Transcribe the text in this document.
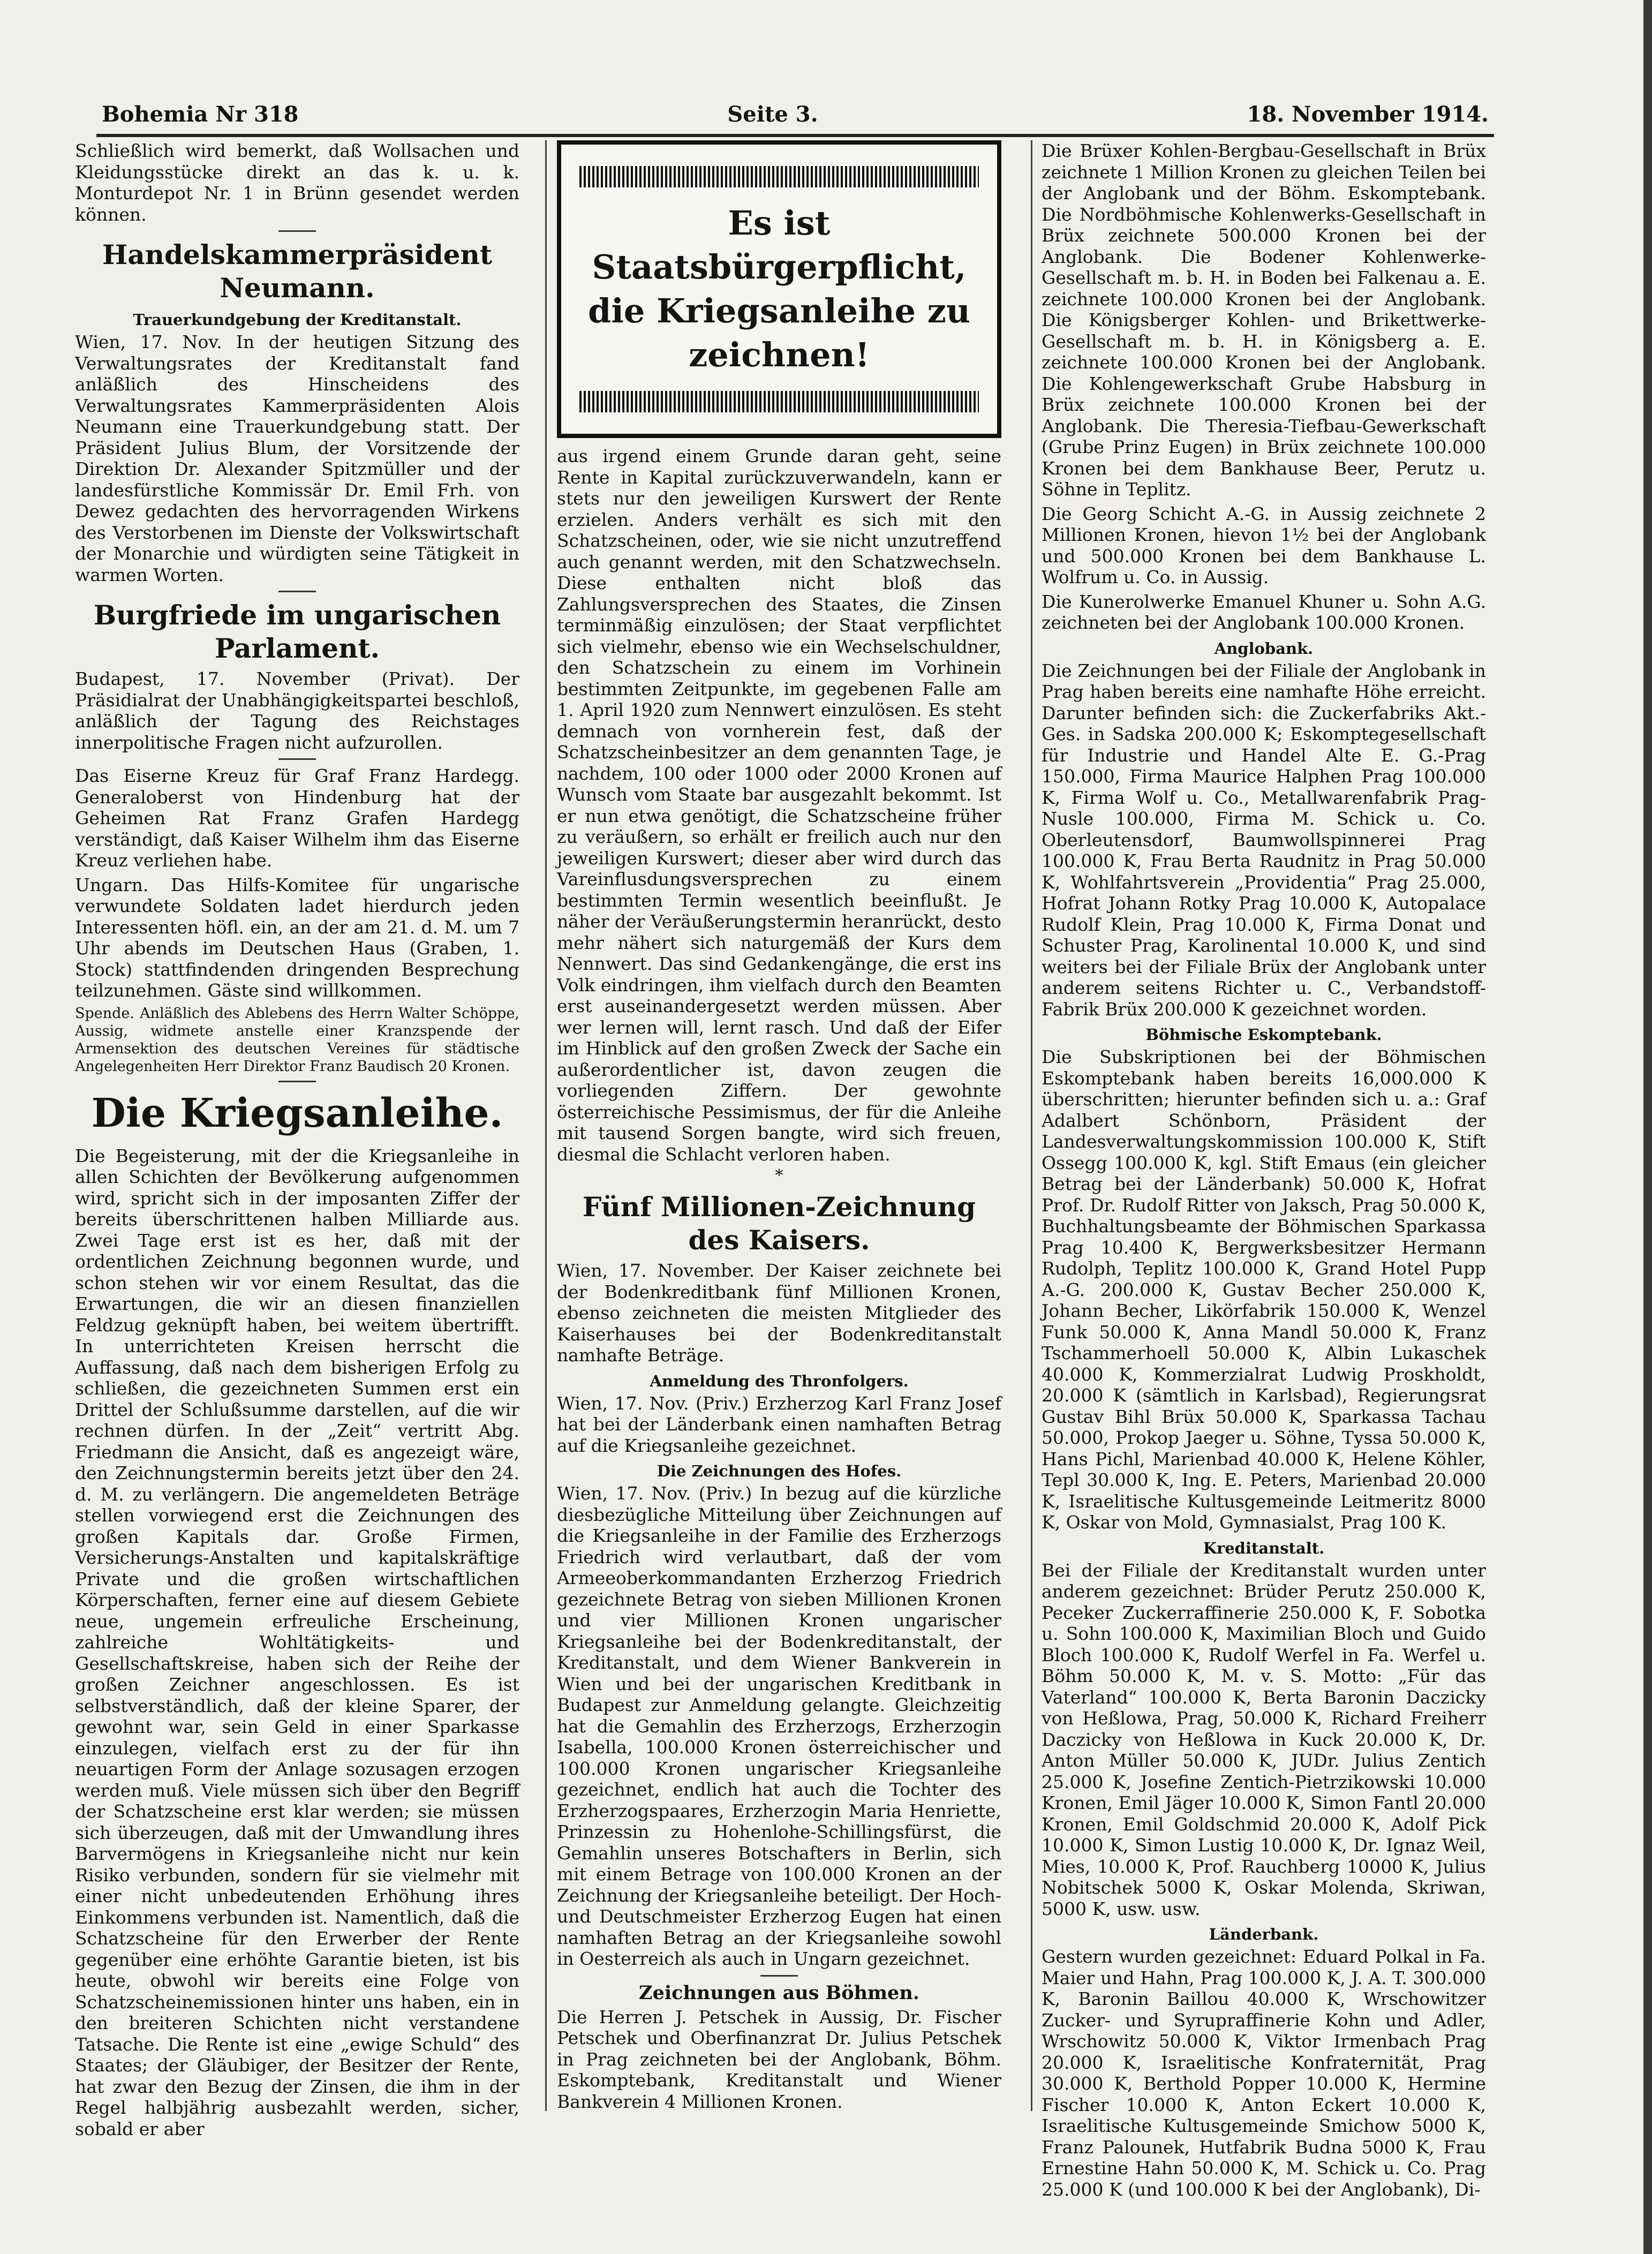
Bohemia Nr 318	Seite 3.	18. November 1914.

Schließlich wird bemerkt, daß Wollsachen und Kleidungsstücke direkt an das k. u. k. Monturdepot Nr. 1 in Brünn gesendet werden können.

Handelskammerpräsident Neumann.
Trauerkundgebung der Kreditanstalt.

Wien, 17. Nov. In der heutigen Sitzung des Verwaltungsrates der Kreditanstalt fand anläßlich des Hinscheidens des Verwaltungsrates Kammerpräsidenten Alois Neumann eine Trauerkundgebung statt. Der Präsident Julius Blum, der Vorsitzende der Direktion Dr. Alexander Spitzmüller und der landesfürstliche Kommissär Dr. Emil Frh. von Dewez gedachten des hervorragenden Wirkens des Verstorbenen im Dienste der Volkswirtschaft der Monarchie und würdigten seine Tätigkeit in warmen Worten.

Burgfriede im ungarischen Parlament.

Budapest, 17. November (Privat). Der Präsidialrat der Unabhängigkeitspartei beschloß, anläßlich der Tagung des Reichstages innerpolitische Fragen nicht aufzurollen.

Das Eiserne Kreuz für Graf Franz Hardegg. Generaloberst von Hindenburg hat der Geheimen Rat Franz Grafen Hardegg verständigt, daß Kaiser Wilhelm ihm das Eiserne Kreuz verliehen habe.

Ungarn. Das Hilfs-Komitee für ungarische verwundete Soldaten ladet hierdurch jeden Interessenten höfl. ein, an der am 21. d. M. um 7 Uhr abends im Deutschen Haus (Graben, 1. Stock) stattfindenden dringenden Besprechung teilzunehmen. Gäste sind willkommen.

Spende. Anläßlich des Ablebens des Herrn Walter Schöppe, Aussig, widmete anstelle einer Kranzspende der Armensektion des deutschen Vereines für städtische Angelegenheiten Herr Direktor Franz Baudisch 20 Kronen.

Die Kriegsanleihe.

Die Begeisterung, mit der die Kriegsanleihe in allen Schichten der Bevölkerung aufgenommen wird, spricht sich in der imposanten Ziffer der bereits überschrittenen halben Milliarde aus. Zwei Tage erst ist es her, daß mit der ordentlichen Zeichnung begonnen wurde, und schon stehen wir vor einem Resultat, das die Erwartungen, die wir an diesen finanziellen Feldzug geknüpft haben, bei weitem übertrifft. In unterrichteten Kreisen herrscht die Auffassung, daß nach dem bisherigen Erfolg zu schließen, die gezeichneten Summen erst ein Drittel der Schlußsumme darstellen, auf die wir rechnen dürfen. In der „Zeit“ vertritt Abg. Friedmann die Ansicht, daß es angezeigt wäre, den Zeichnungstermin bereits jetzt über den 24. d. M. zu verlängern. Die angemeldeten Beträge stellen vorwiegend erst die Zeichnungen des großen Kapitals dar. Große Firmen, Versicherungs-Anstalten und kapitalskräftige Private und die großen wirtschaftlichen Körperschaften, ferner eine auf diesem Gebiete neue, ungemein erfreuliche Erscheinung, zahlreiche Wohltätigkeits- und Gesellschaftskreise, haben sich der Reihe der großen Zeichner angeschlossen. Es ist selbstverständlich, daß der kleine Sparer, der gewohnt war, sein Geld in einer Sparkasse einzulegen, vielfach erst zu der für ihn neuartigen Form der Anlage sozusagen erzogen werden muß. Viele müssen sich über den Begriff der Schatzscheine erst klar werden; sie müssen sich überzeugen, daß mit der Umwandlung ihres Barvermögens in Kriegsanleihe nicht nur kein Risiko verbunden, sondern für sie vielmehr mit einer nicht unbedeutenden Erhöhung ihres Einkommens verbunden ist. Namentlich, daß die Schatzscheine für den Erwerber der Rente gegenüber eine erhöhte Garantie bieten, ist bis heute, obwohl wir bereits eine Folge von Schatzscheinemissionen hinter uns haben, ein in den breiteren Schichten nicht verstandene Tatsache. Die Rente ist eine „ewige Schuld“ des Staates; der Gläubiger, der Besitzer der Rente, hat zwar den Bezug der Zinsen, die ihm in der Regel halbjährig ausbezahlt werden, sicher, sobald er aber

Es ist Staatsbürgerpflicht, die Kriegsanleihe zu zeichnen!

aus irgend einem Grunde daran geht, seine Rente in Kapital zurückzuverwandeln, kann er stets nur den jeweiligen Kurswert der Rente erzielen. Anders verhält es sich mit den Schatzscheinen, oder, wie sie nicht unzutreffend auch genannt werden, mit den Schatzwechseln. Diese enthalten nicht bloß das Zahlungsversprechen des Staates, die Zinsen terminmäßig einzulösen; der Staat verpflichtet sich vielmehr, ebenso wie ein Wechselschuldner, den Schatzschein zu einem im Vorhinein bestimmten Zeitpunkte, im gegebenen Falle am 1. April 1920 zum Nennwert einzulösen. Es steht demnach von vornherein fest, daß der Schatzscheinbesitzer an dem genannten Tage, je nachdem, 100 oder 1000 oder 2000 Kronen auf Wunsch vom Staate bar ausgezahlt bekommt. Ist er nun etwa genötigt, die Schatzscheine früher zu veräußern, so erhält er freilich auch nur den jeweiligen Kurswert; dieser aber wird durch das Vareinflusdungsversprechen zu einem bestimmten Termin wesentlich beeinflußt. Je näher der Veräußerungstermin heranrückt, desto mehr nähert sich naturgemäß der Kurs dem Nennwert. Das sind Gedankengänge, die erst ins Volk eindringen, ihm vielfach durch den Beamten erst auseinandergesetzt werden müssen. Aber wer lernen will, lernt rasch. Und daß der Eifer im Hinblick auf den großen Zweck der Sache ein außerordentlicher ist, davon zeugen die vorliegenden Ziffern. Der gewohnte österreichische Pessimismus, der für die Anleihe mit tausend Sorgen bangte, wird sich freuen, diesmal die Schlacht verloren haben.

*
Fünf Millionen-Zeichnung des Kaisers.

Wien, 17. November. Der Kaiser zeichnete bei der Bodenkreditbank fünf Millionen Kronen, ebenso zeichneten die meisten Mitglieder des Kaiserhauses bei der Bodenkreditanstalt namhafte Beträge.

Anmeldung des Thronfolgers.

Wien, 17. Nov. (Priv.) Erzherzog Karl Franz Josef hat bei der Länderbank einen namhaften Betrag auf die Kriegsanleihe gezeichnet.

Die Zeichnungen des Hofes.

Wien, 17. Nov. (Priv.) In bezug auf die kürzliche diesbezügliche Mitteilung über Zeichnungen auf die Kriegsanleihe in der Familie des Erzherzogs Friedrich wird verlautbart, daß der vom Armeeoberkommandanten Erzherzog Friedrich gezeichnete Betrag von sieben Millionen Kronen und vier Millionen Kronen ungarischer Kriegsanleihe bei der Bodenkreditanstalt, der Kreditanstalt, und dem Wiener Bankverein in Wien und bei der ungarischen Kreditbank in Budapest zur Anmeldung gelangte. Gleichzeitig hat die Gemahlin des Erzherzogs, Erzherzogin Isabella, 100.000 Kronen österreichischer und 100.000 Kronen ungarischer Kriegsanleihe gezeichnet, endlich hat auch die Tochter des Erzherzogspaares, Erzherzogin Maria Henriette, Prinzessin zu Hohenlohe-Schillingsfürst, die Gemahlin unseres Botschafters in Berlin, sich mit einem Betrage von 100.000 Kronen an der Zeichnung der Kriegsanleihe beteiligt. Der Hoch- und Deutschmeister Erzherzog Eugen hat einen namhaften Betrag an der Kriegsanleihe sowohl in Oesterreich als auch in Ungarn gezeichnet.

Zeichnungen aus Böhmen.

Die Herren J. Petschek in Aussig, Dr. Fischer Petschek und Oberfinanzrat Dr. Julius Petschek in Prag zeichneten bei der Anglobank, Böhm. Eskomptebank, Kreditanstalt und Wiener Bankverein 4 Millionen Kronen.

Die Brüxer Kohlen-Bergbau-Gesellschaft in Brüx zeichnete 1 Million Kronen zu gleichen Teilen bei der Anglobank und der Böhm. Eskomptebank. Die Nordböhmische Kohlenwerks-Gesellschaft in Brüx zeichnete 500.000 Kronen bei der Anglobank. Die Bodener Kohlenwerke-Gesellschaft m. b. H. in Boden bei Falkenau a. E. zeichnete 100.000 Kronen bei der Anglobank. Die Königsberger Kohlen- und Brikettwerke-Gesellschaft m. b. H. in Königsberg a. E. zeichnete 100.000 Kronen bei der Anglobank. Die Kohlengewerkschaft Grube Habsburg in Brüx zeichnete 100.000 Kronen bei der Anglobank. Die Theresia-Tiefbau-Gewerkschaft (Grube Prinz Eugen) in Brüx zeichnete 100.000 Kronen bei dem Bankhause Beer, Perutz u. Söhne in Teplitz.

Die Georg Schicht A.-G. in Aussig zeichnete 2 Millionen Kronen, hievon 1½ bei der Anglobank und 500.000 Kronen bei dem Bankhause L. Wolfrum u. Co. in Aussig.

Die Kunerolwerke Emanuel Khuner u. Sohn A.G. zeichneten bei der Anglobank 100.000 Kronen.

Anglobank.

Die Zeichnungen bei der Filiale der Anglobank in Prag haben bereits eine namhafte Höhe erreicht. Darunter befinden sich: die Zuckerfabriks Akt.-Ges. in Sadska 200.000 K; Eskomptegesellschaft für Industrie und Handel Alte E. G.-Prag 150.000, Firma Maurice Halphen Prag 100.000 K, Firma Wolf u. Co., Metallwarenfabrik Prag-Nusle 100.000, Firma M. Schick u. Co. Oberleutensdorf, Baumwollspinnerei Prag 100.000 K, Frau Berta Raudnitz in Prag 50.000 K, Wohlfahrtsverein „Providentia“ Prag 25.000, Hofrat Johann Rotky Prag 10.000 K, Autopalace Rudolf Klein, Prag 10.000 K, Firma Donat und Schuster Prag, Karolinental 10.000 K, und sind weiters bei der Filiale Brüx der Anglobank unter anderem seitens Richter u. C., Verbandstoff-Fabrik Brüx 200.000 K gezeichnet worden.

Böhmische Eskomptebank.

Die Subskriptionen bei der Böhmischen Eskomptebank haben bereits 16,000.000 K überschritten; hierunter befinden sich u. a.: Graf Adalbert Schönborn, Präsident der Landesverwaltungskommission 100.000 K, Stift Ossegg 100.000 K, kgl. Stift Emaus (ein gleicher Betrag bei der Länderbank) 50.000 K, Hofrat Prof. Dr. Rudolf Ritter von Jaksch, Prag 50.000 K, Buchhaltungsbeamte der Böhmischen Sparkassa Prag 10.400 K, Bergwerksbesitzer Hermann Rudolph, Teplitz 100.000 K, Grand Hotel Pupp A.-G. 200.000 K, Gustav Becher 250.000 K, Johann Becher, Likörfabrik 150.000 K, Wenzel Funk 50.000 K, Anna Mandl 50.000 K, Franz Tschammerhoell 50.000 K, Albin Lukaschek 40.000 K, Kommerzialrat Ludwig Proskholdt, 20.000 K (sämtlich in Karlsbad), Regierungsrat Gustav Bihl Brüx 50.000 K, Sparkassa Tachau 50.000, Prokop Jaeger u. Söhne, Tyssa 50.000 K, Hans Pichl, Marienbad 40.000 K, Helene Köhler, Tepl 30.000 K, Ing. E. Peters, Marienbad 20.000 K, Israelitische Kultusgemeinde Leitmeritz 8000 K, Oskar von Mold, Gymnasialst, Prag 100 K.

Kreditanstalt.

Bei der Filiale der Kreditanstalt wurden unter anderem gezeichnet: Brüder Perutz 250.000 K, Peceker Zuckerraffinerie 250.000 K, F. Sobotka u. Sohn 100.000 K, Maximilian Bloch und Guido Bloch 100.000 K, Rudolf Werfel in Fa. Werfel u. Böhm 50.000 K, M. v. S. Motto: „Für das Vaterland“ 100.000 K, Berta Baronin Daczicky von Heßlowa, Prag, 50.000 K, Richard Freiherr Daczicky von Heßlowa in Kuck 20.000 K, Dr. Anton Müller 50.000 K, JUDr. Julius Zentich 25.000 K, Josefine Zentich-Pietrzikowski 10.000 Kronen, Emil Jäger 10.000 K, Simon Fantl 20.000 Kronen, Emil Goldschmid 20.000 K, Adolf Pick 10.000 K, Simon Lustig 10.000 K, Dr. Ignaz Weil, Mies, 10.000 K, Prof. Rauchberg 10000 K, Julius Nobitschek 5000 K, Oskar Molenda, Skriwan, 5000 K, usw. usw.

Länderbank.

Gestern wurden gezeichnet: Eduard Polkal in Fa. Maier und Hahn, Prag 100.000 K, J. A. T. 300.000 K, Baronin Baillou 40.000 K, Wrschowitzer Zucker- und Syrupraffinerie Kohn und Adler, Wrschowitz 50.000 K, Viktor Irmenbach Prag 20.000 K, Israelitische Konfraternität, Prag 30.000 K, Berthold Popper 10.000 K, Hermine Fischer 10.000 K, Anton Eckert 10.000 K, Israelitische Kultusgemeinde Smichow 5000 K, Franz Palounek, Hutfabrik Budna 5000 K, Frau Ernestine Hahn 50.000 K, M. Schick u. Co. Prag 25.000 K (und 100.000 K bei der Anglobank), Di-
